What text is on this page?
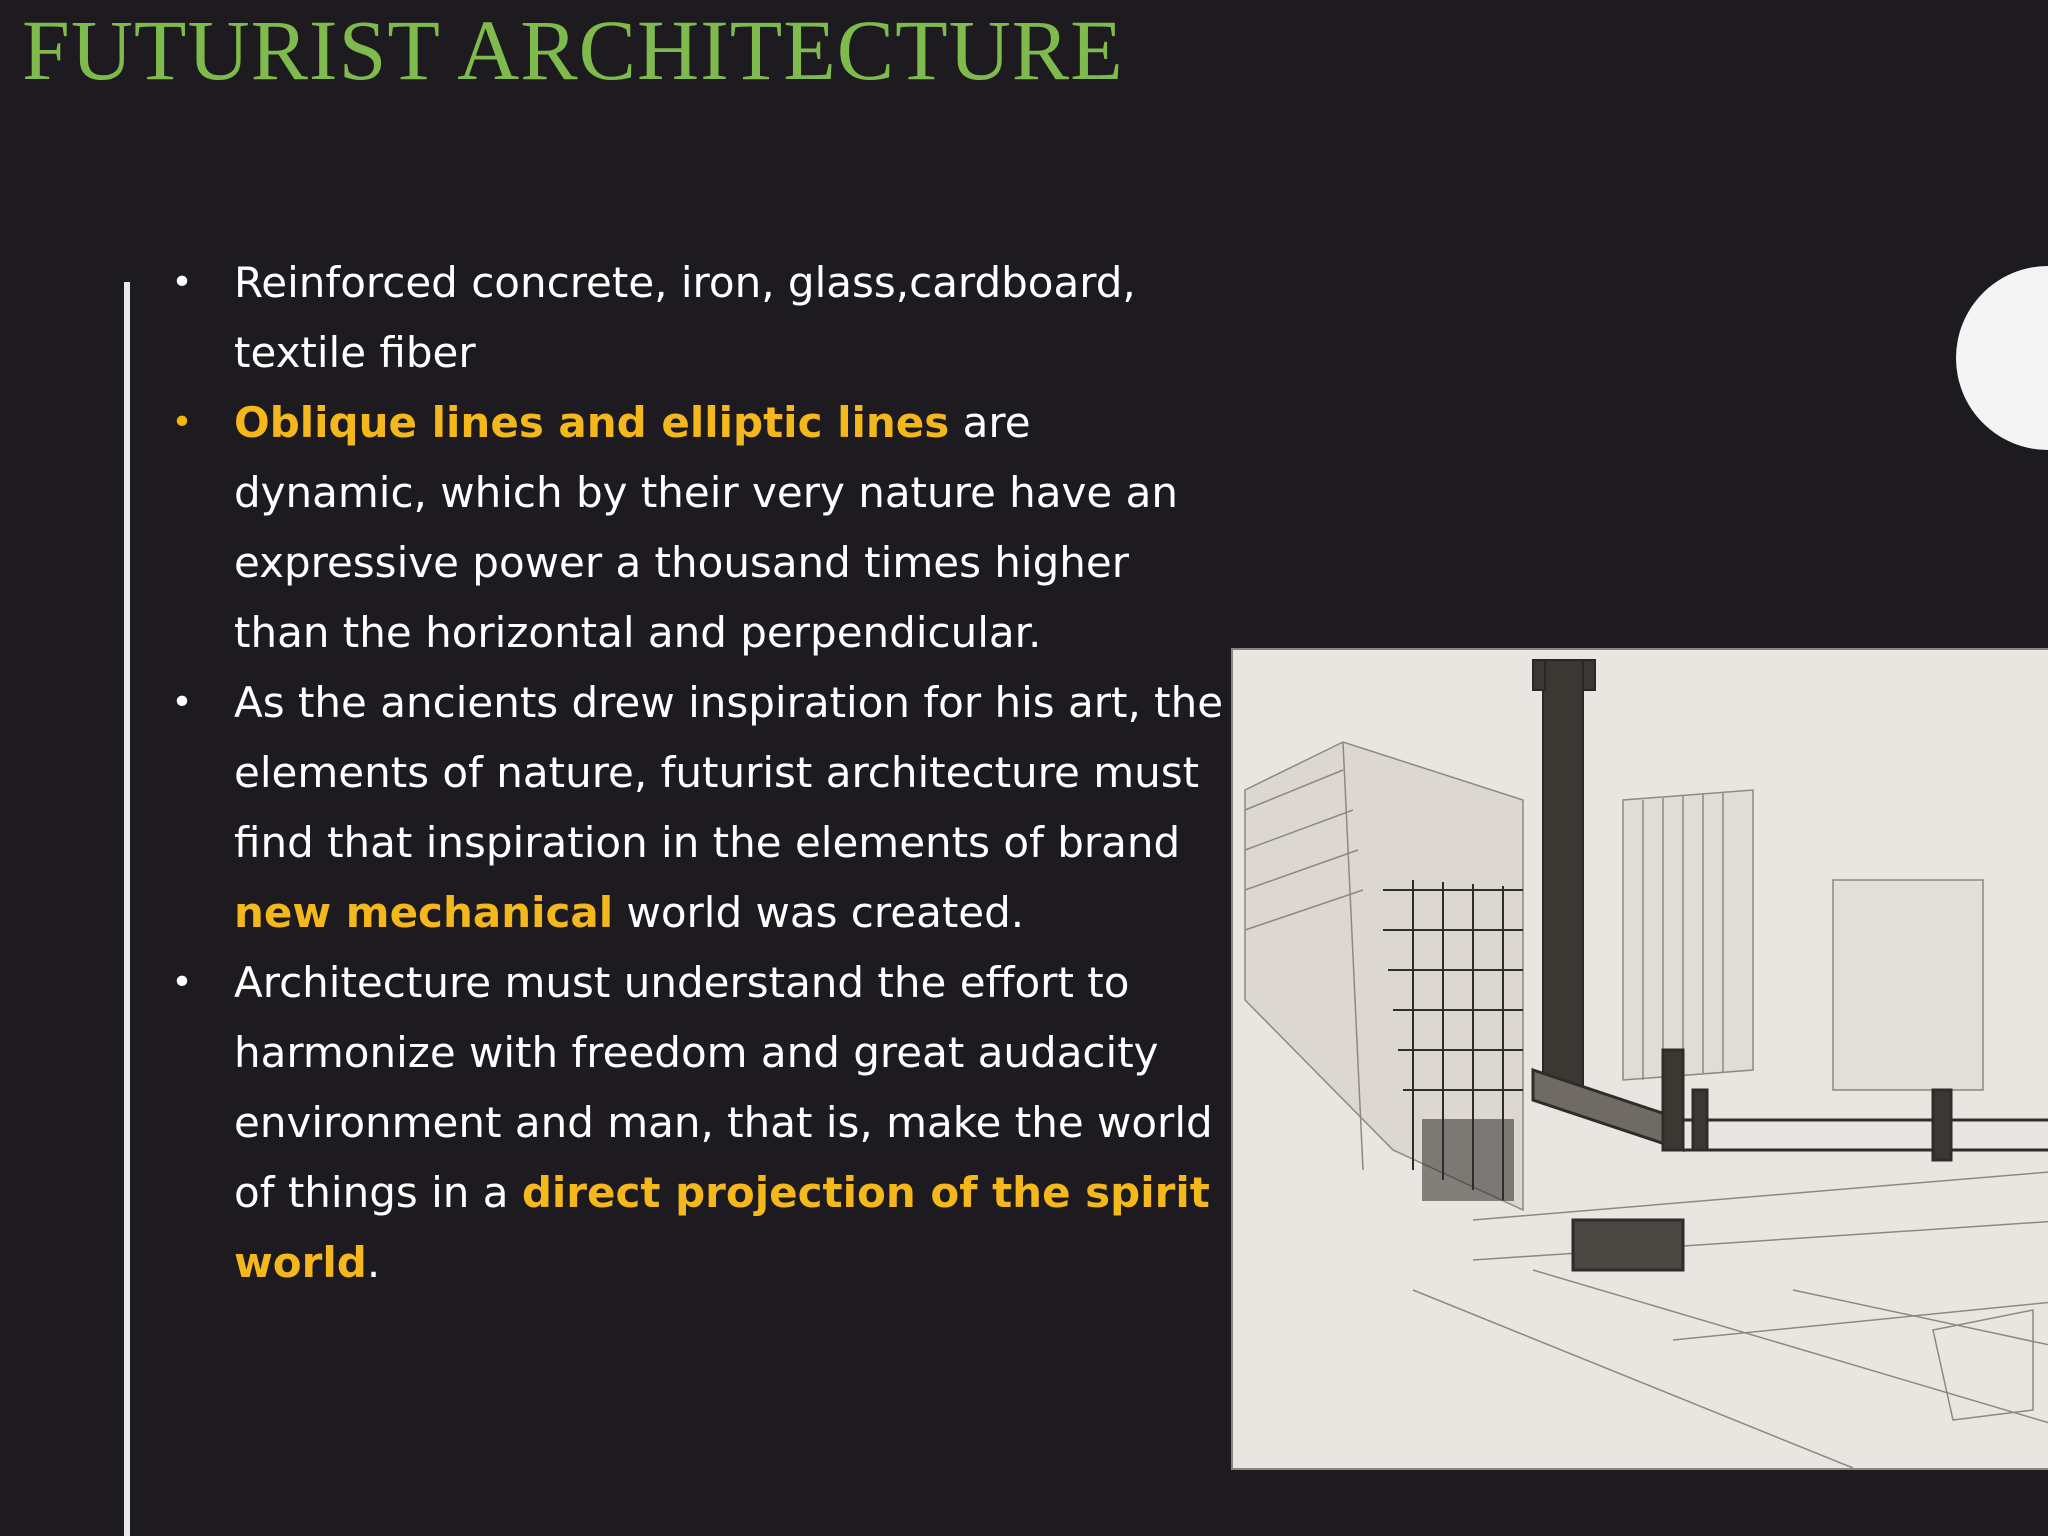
FUTURIST ARCHITECTURE
• Reinforced concrete, iron, glass,cardboard, textile fiber
• Oblique lines and elliptic lines are dynamic, which by their very nature have an expressive power a thousand times higher than the horizontal and perpendicular.
• As the ancients drew inspiration for his art, the elements of nature, futurist architecture must find that inspiration in the elements of brand new mechanical world was created.
• Architecture must understand the effort to harmonize with freedom and great audacity environment and man, that is, make the world of things in a direct projection of the spirit world.
